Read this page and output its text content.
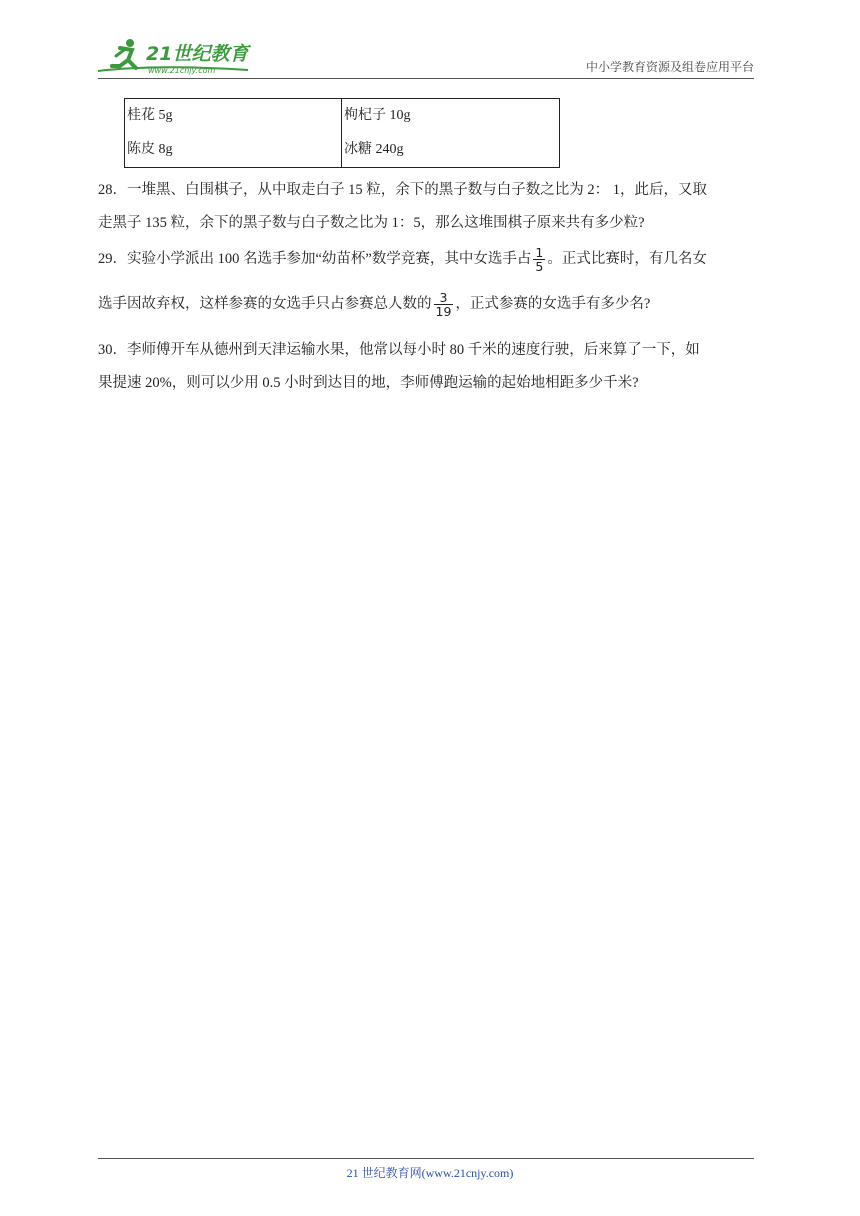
21世纪教育
www.21cnjy.com	中小学教育资源及组卷应用平台
桂花 5g	枸杞子 10g
陈皮 8g	冰糖 240g
28．一堆黑、白围棋子，从中取走白子 15 粒，余下的黑子数与白子数之比为 2： 1，此后，又取
走黑子 135 粒，余下的黑子数与白子数之比为 1：5，那么这堆围棋子原来共有多少粒?
29．实验小学派出 100 名选手参加“幼苗杯”数学竞赛，其中女选手占 $\frac{1}{5}$ 。正式比赛时，有几名女
选手因故弃权，这样参赛的女选手只占参赛总人数的 $\frac{3}{19}$ ，正式参赛的女选手有多少名?
30．李师傅开车从德州到天津运输水果，他常以每小时 80 千米的速度行驶，后来算了一下，如
果提速 20%，则可以少用 0.5 小时到达目的地，李师傅跑运输的起始地相距多少千米?
21 世纪教育网(www.21cnjy.com)
